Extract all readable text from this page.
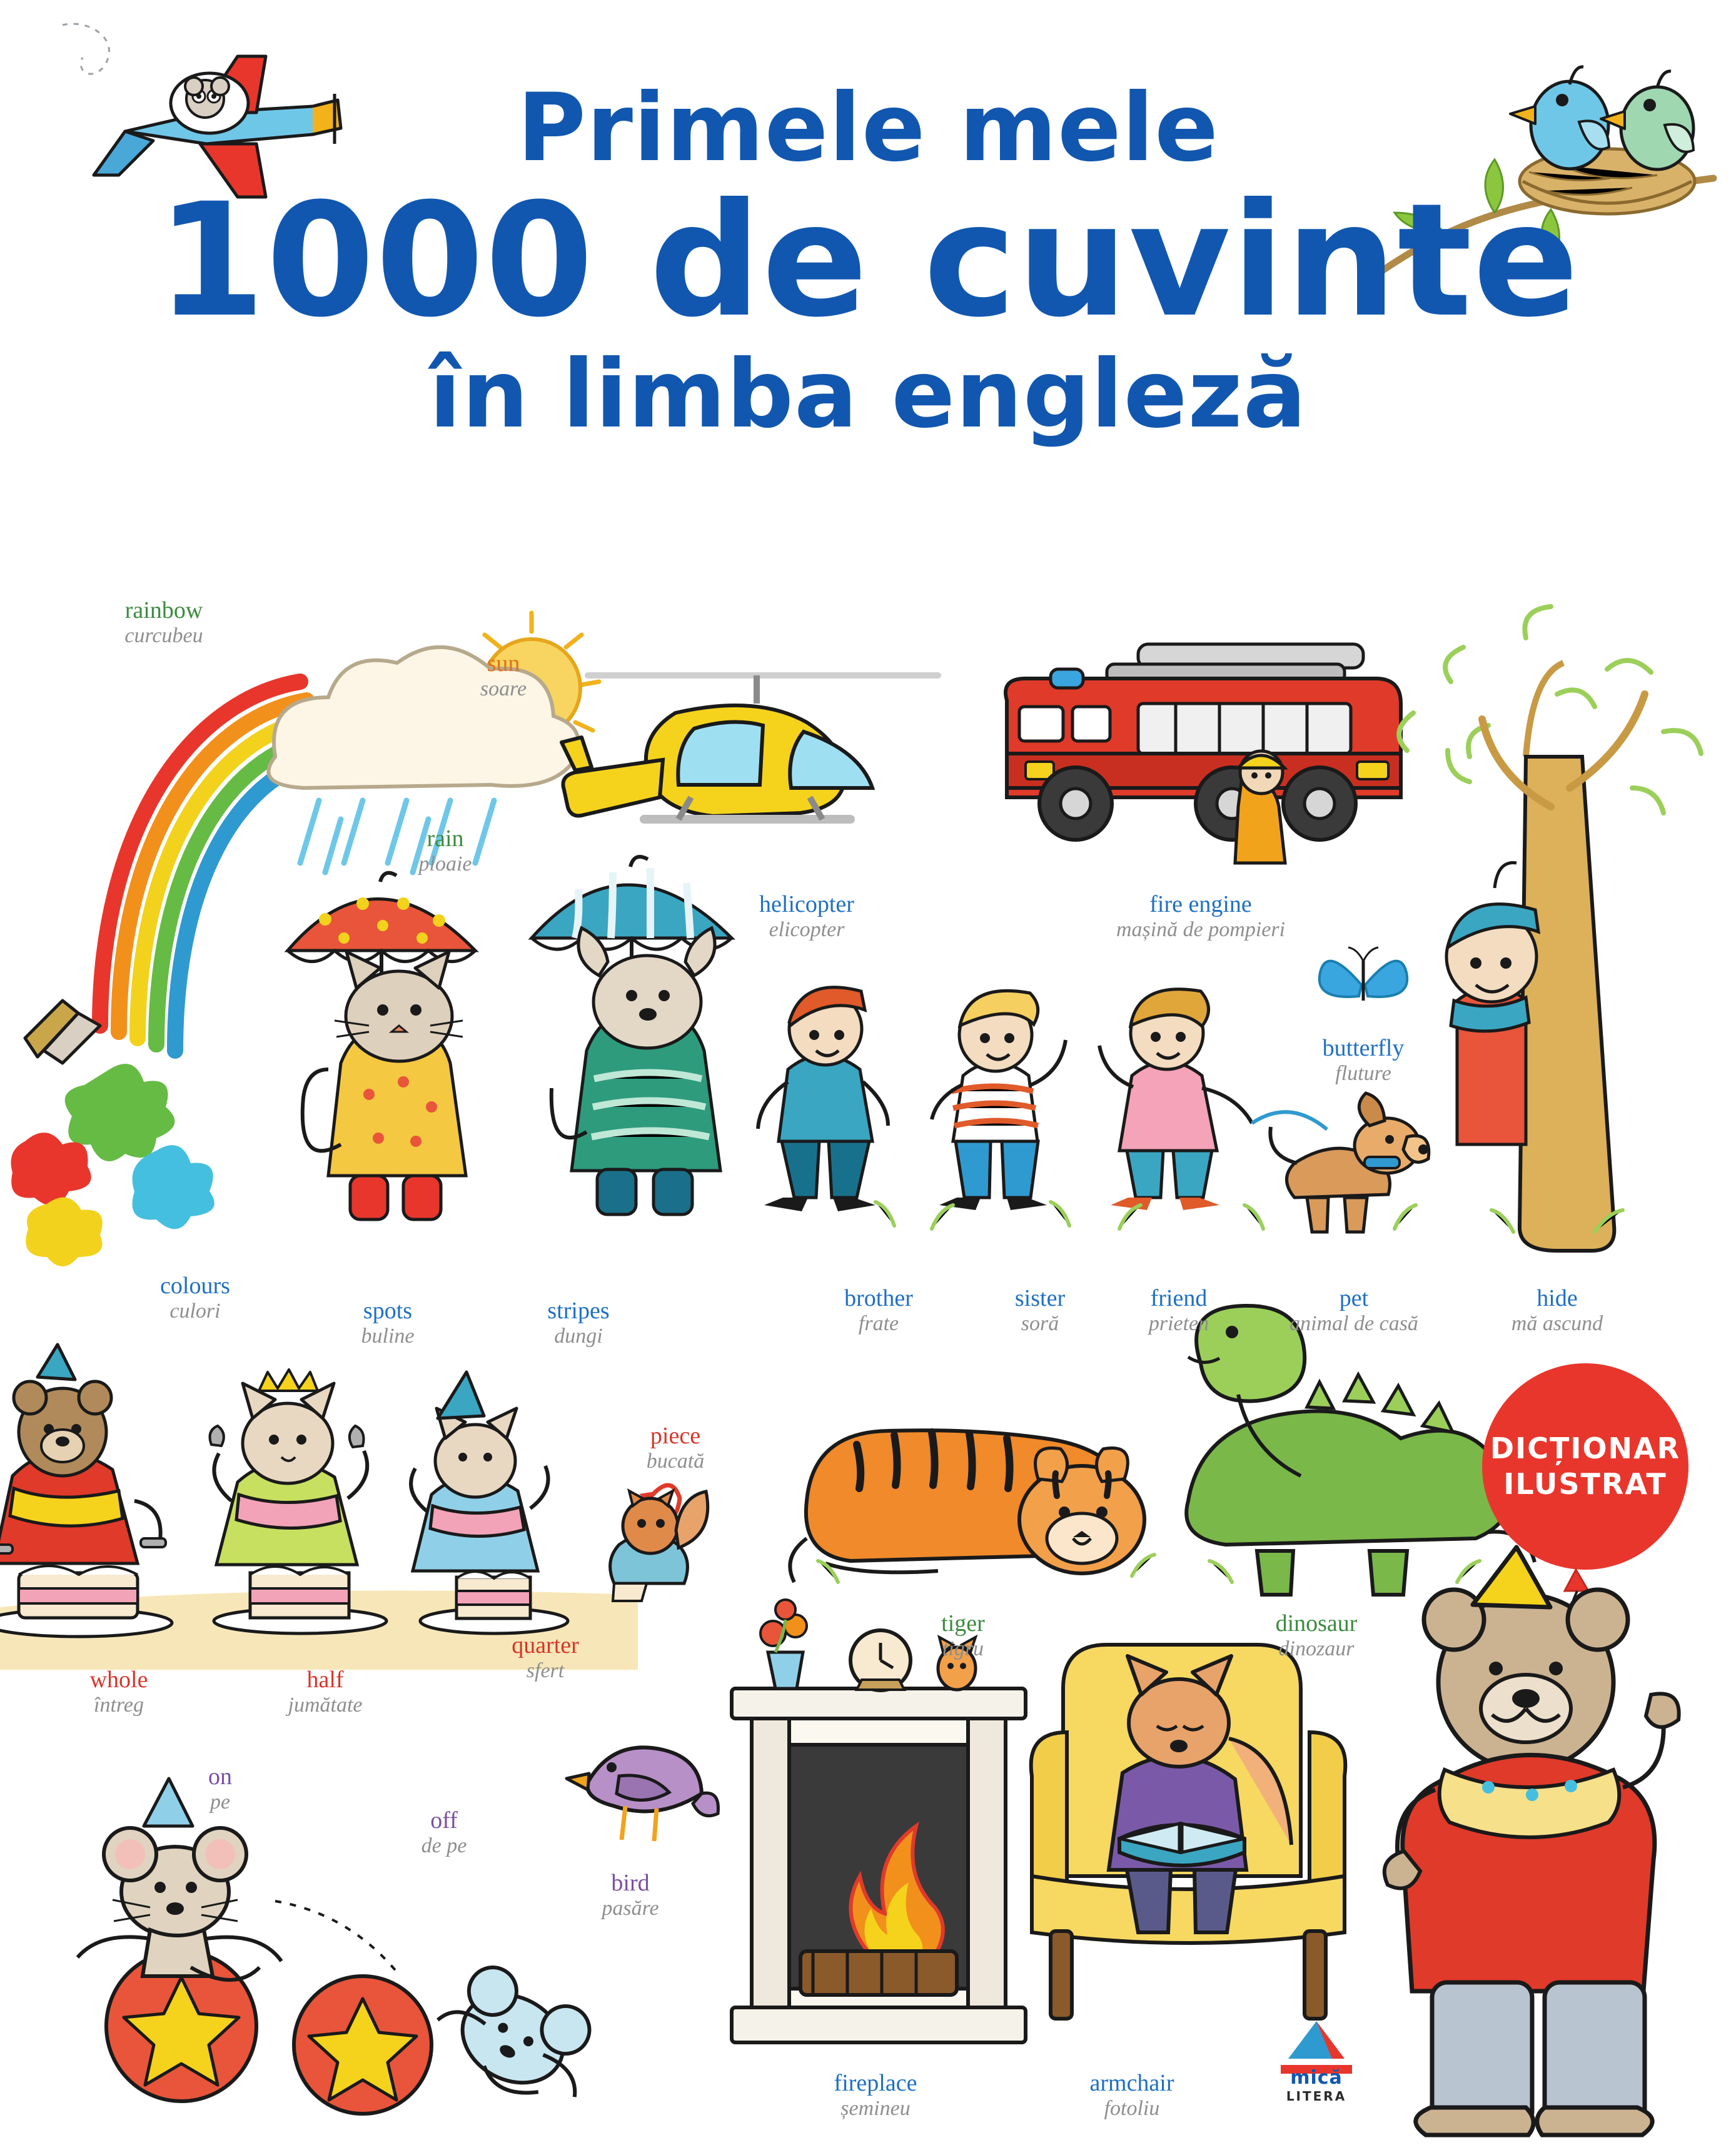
Primele mele
1000 de cuvinte
în limba engleză
DICȚIONAR
ILUSTRAT
mică
LITERA
rainbow
curcubeu
sun
soare
rain
ploaie
helicopter
elicopter
fire engine
mașină de pompieri
butterfly
fluture
colours
culori	spots
buline
stripes
dungi
brother
frate
sister
soră
friend
prieten
pet
animal de casă
hide
mă ascund
piece
bucată
tiger
tigru
dinosaur
dinozaur
whole
întreg
half
jumătate
quarter
sfert
on
pe
off
de pe
bird
pasăre
fireplace
șemineu
armchair
fotoliu
